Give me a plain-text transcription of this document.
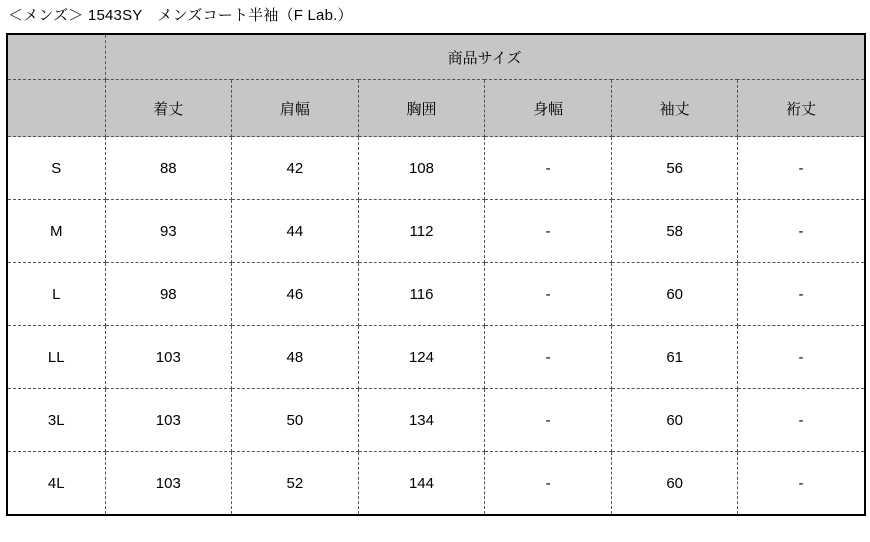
＜メンズ＞ 1543SY　メンズコート半袖（F Lab.）
	商品サイズ					
	着丈	肩幅	胸囲	身幅	袖丈	裄丈
S	88	42	108	-	56	-
M	93	44	112	-	58	-
L	98	46	116	-	60	-
LL	103	48	124	-	61	-
3L	103	50	134	-	60	-
4L	103	52	144	-	60	-
